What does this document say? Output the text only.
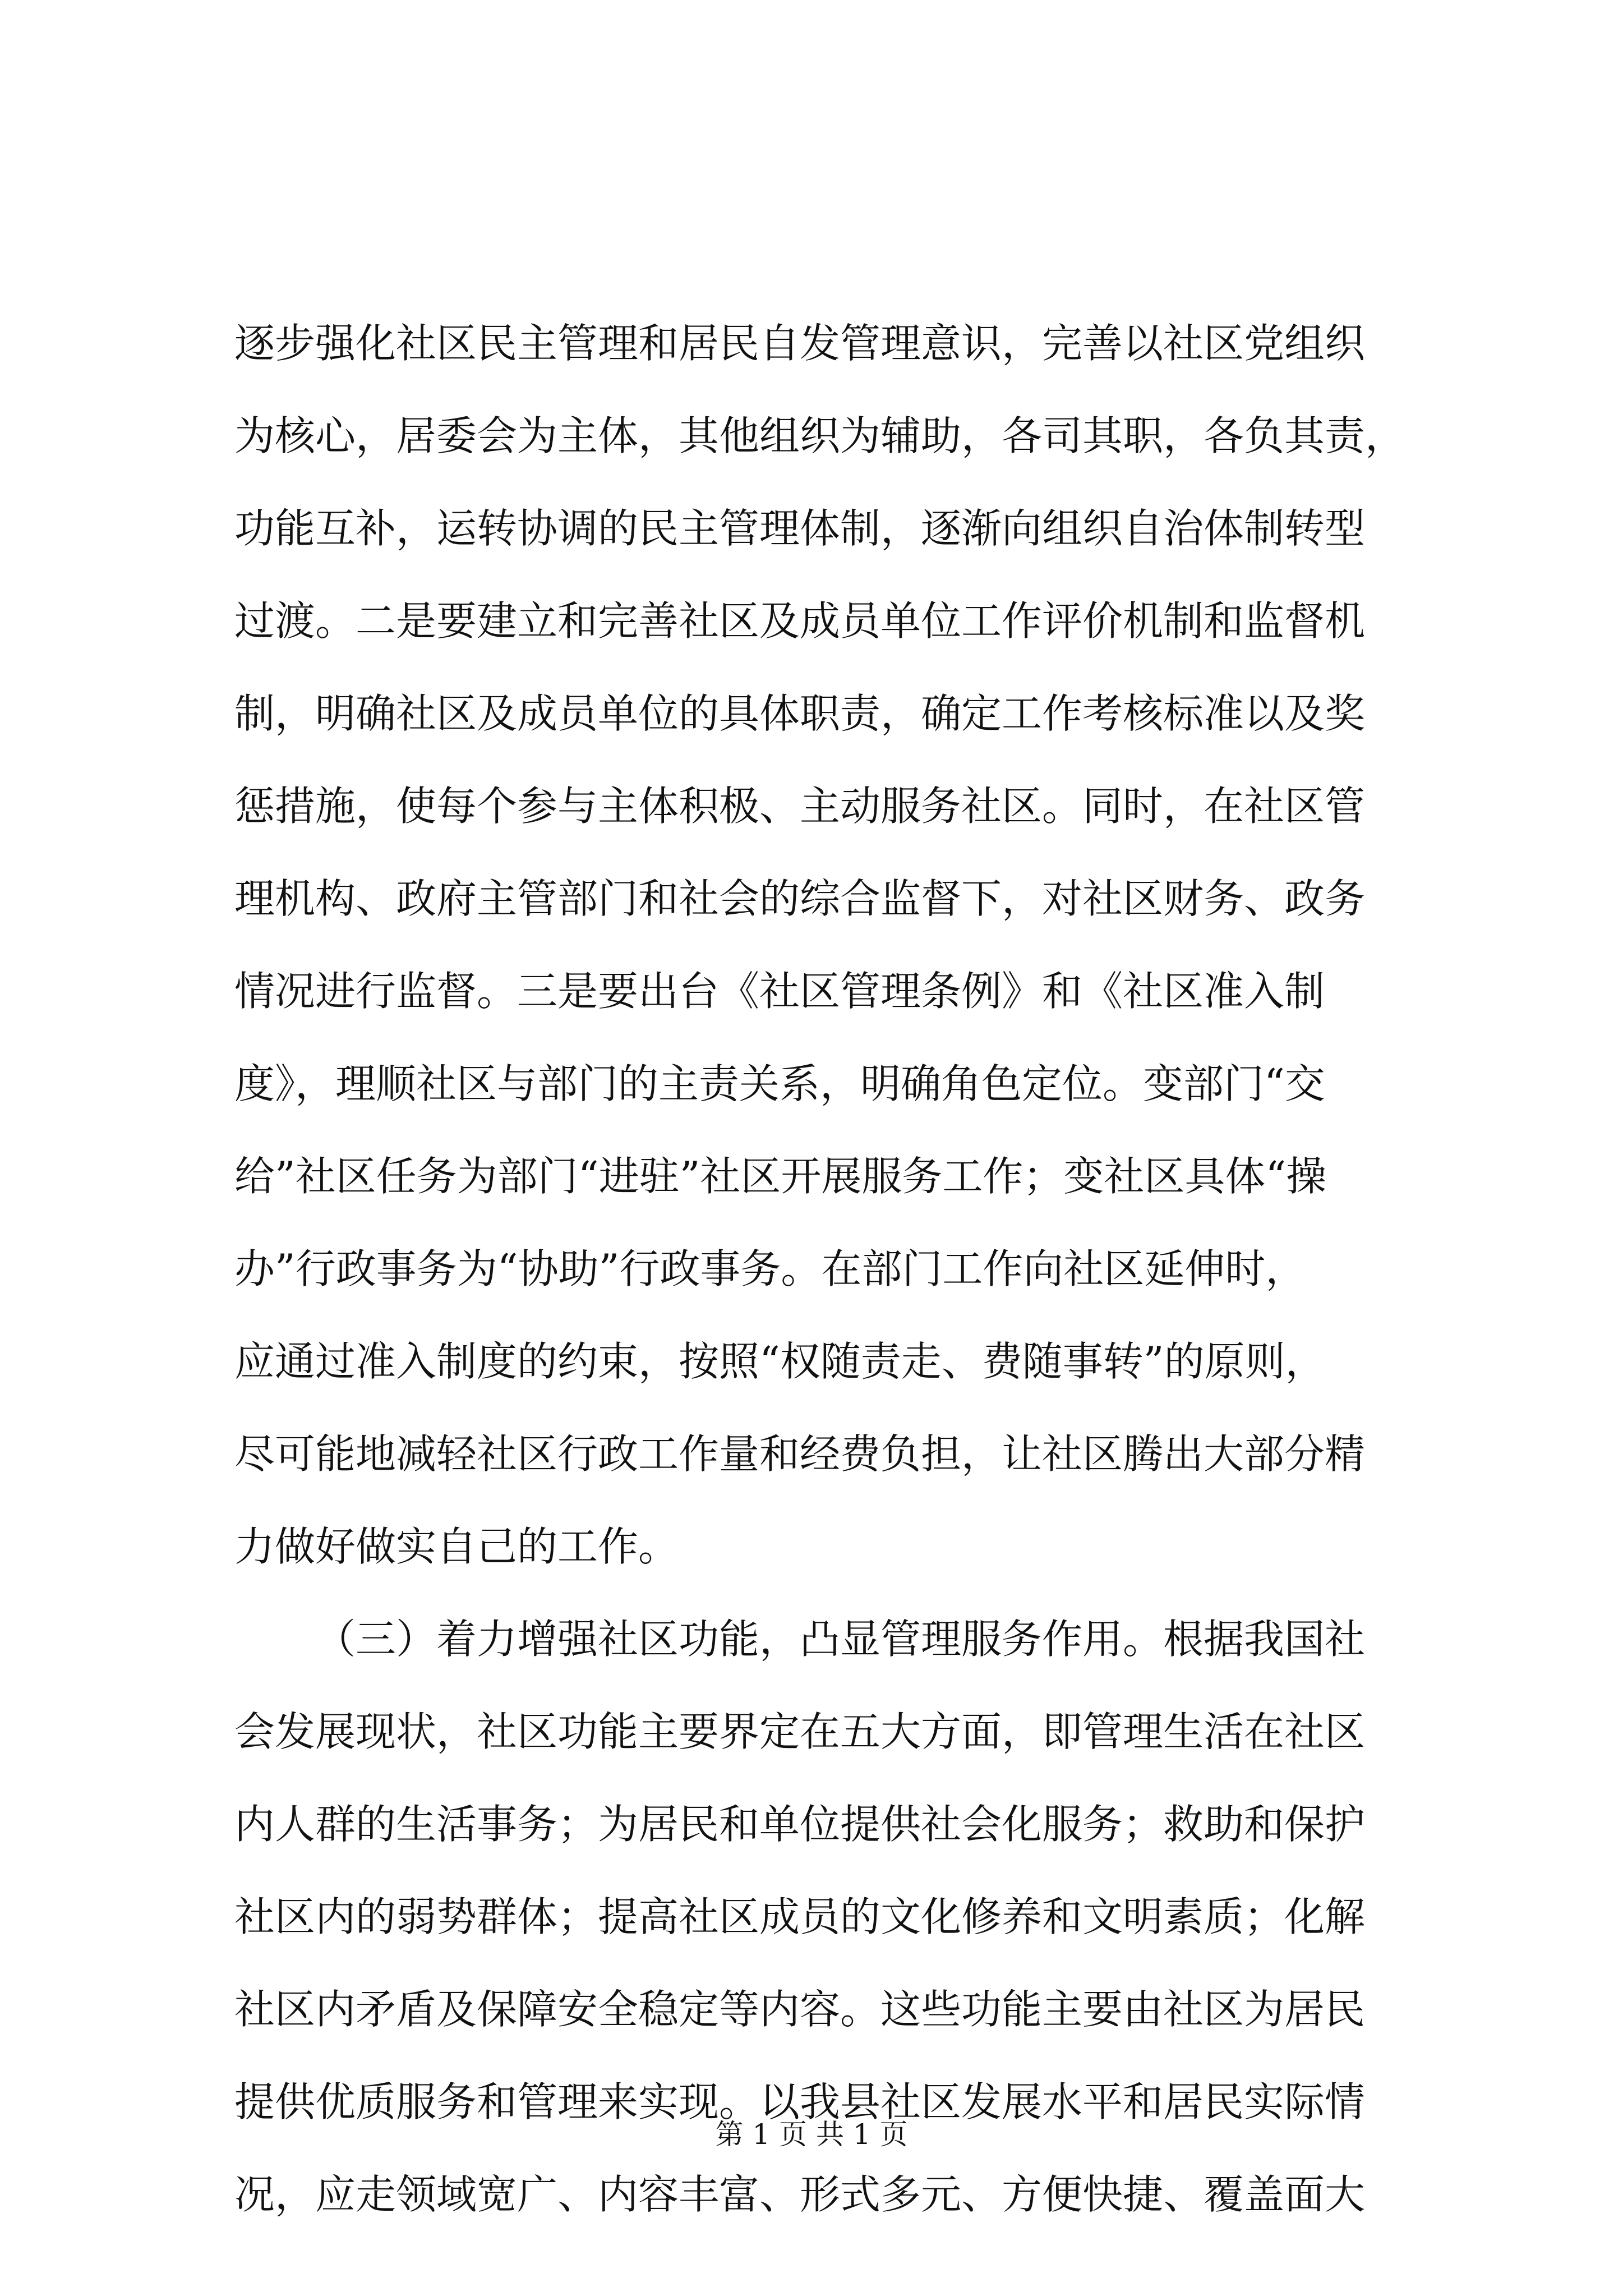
逐步强化社区民主管理和居民自发管理意识，完善以社区党组织
为核心，居委会为主体，其他组织为辅助，各司其职，各负其责，
功能互补，运转协调的民主管理体制，逐渐向组织自治体制转型
过渡。二是要建立和完善社区及成员单位工作评价机制和监督机
制，明确社区及成员单位的具体职责，确定工作考核标准以及奖
惩措施，使每个参与主体积极、主动服务社区。同时，在社区管
理机构、政府主管部门和社会的综合监督下，对社区财务、政务
情况进行监督。三是要出台《社区管理条例》和《社区准入制
度》，理顺社区与部门的主责关系，明确角色定位。变部门“交
给”社区任务为部门“进驻”社区开展服务工作；变社区具体“操
办”行政事务为“协助”行政事务。在部门工作向社区延伸时，
应通过准入制度的约束，按照“权随责走、费随事转”的原则，
尽可能地减轻社区行政工作量和经费负担，让社区腾出大部分精
力做好做实自己的工作。
（三）着力增强社区功能，凸显管理服务作用。根据我国社
会发展现状，社区功能主要界定在五大方面，即管理生活在社区
内人群的生活事务；为居民和单位提供社会化服务；救助和保护
社区内的弱势群体；提高社区成员的文化修养和文明素质；化解
社区内矛盾及保障安全稳定等内容。这些功能主要由社区为居民
提供优质服务和管理来实现。以我县社区发展水平和居民实际情
况，应走领域宽广、内容丰富、形式多元、方便快捷、覆盖面大
第 1 页 共 1 页
